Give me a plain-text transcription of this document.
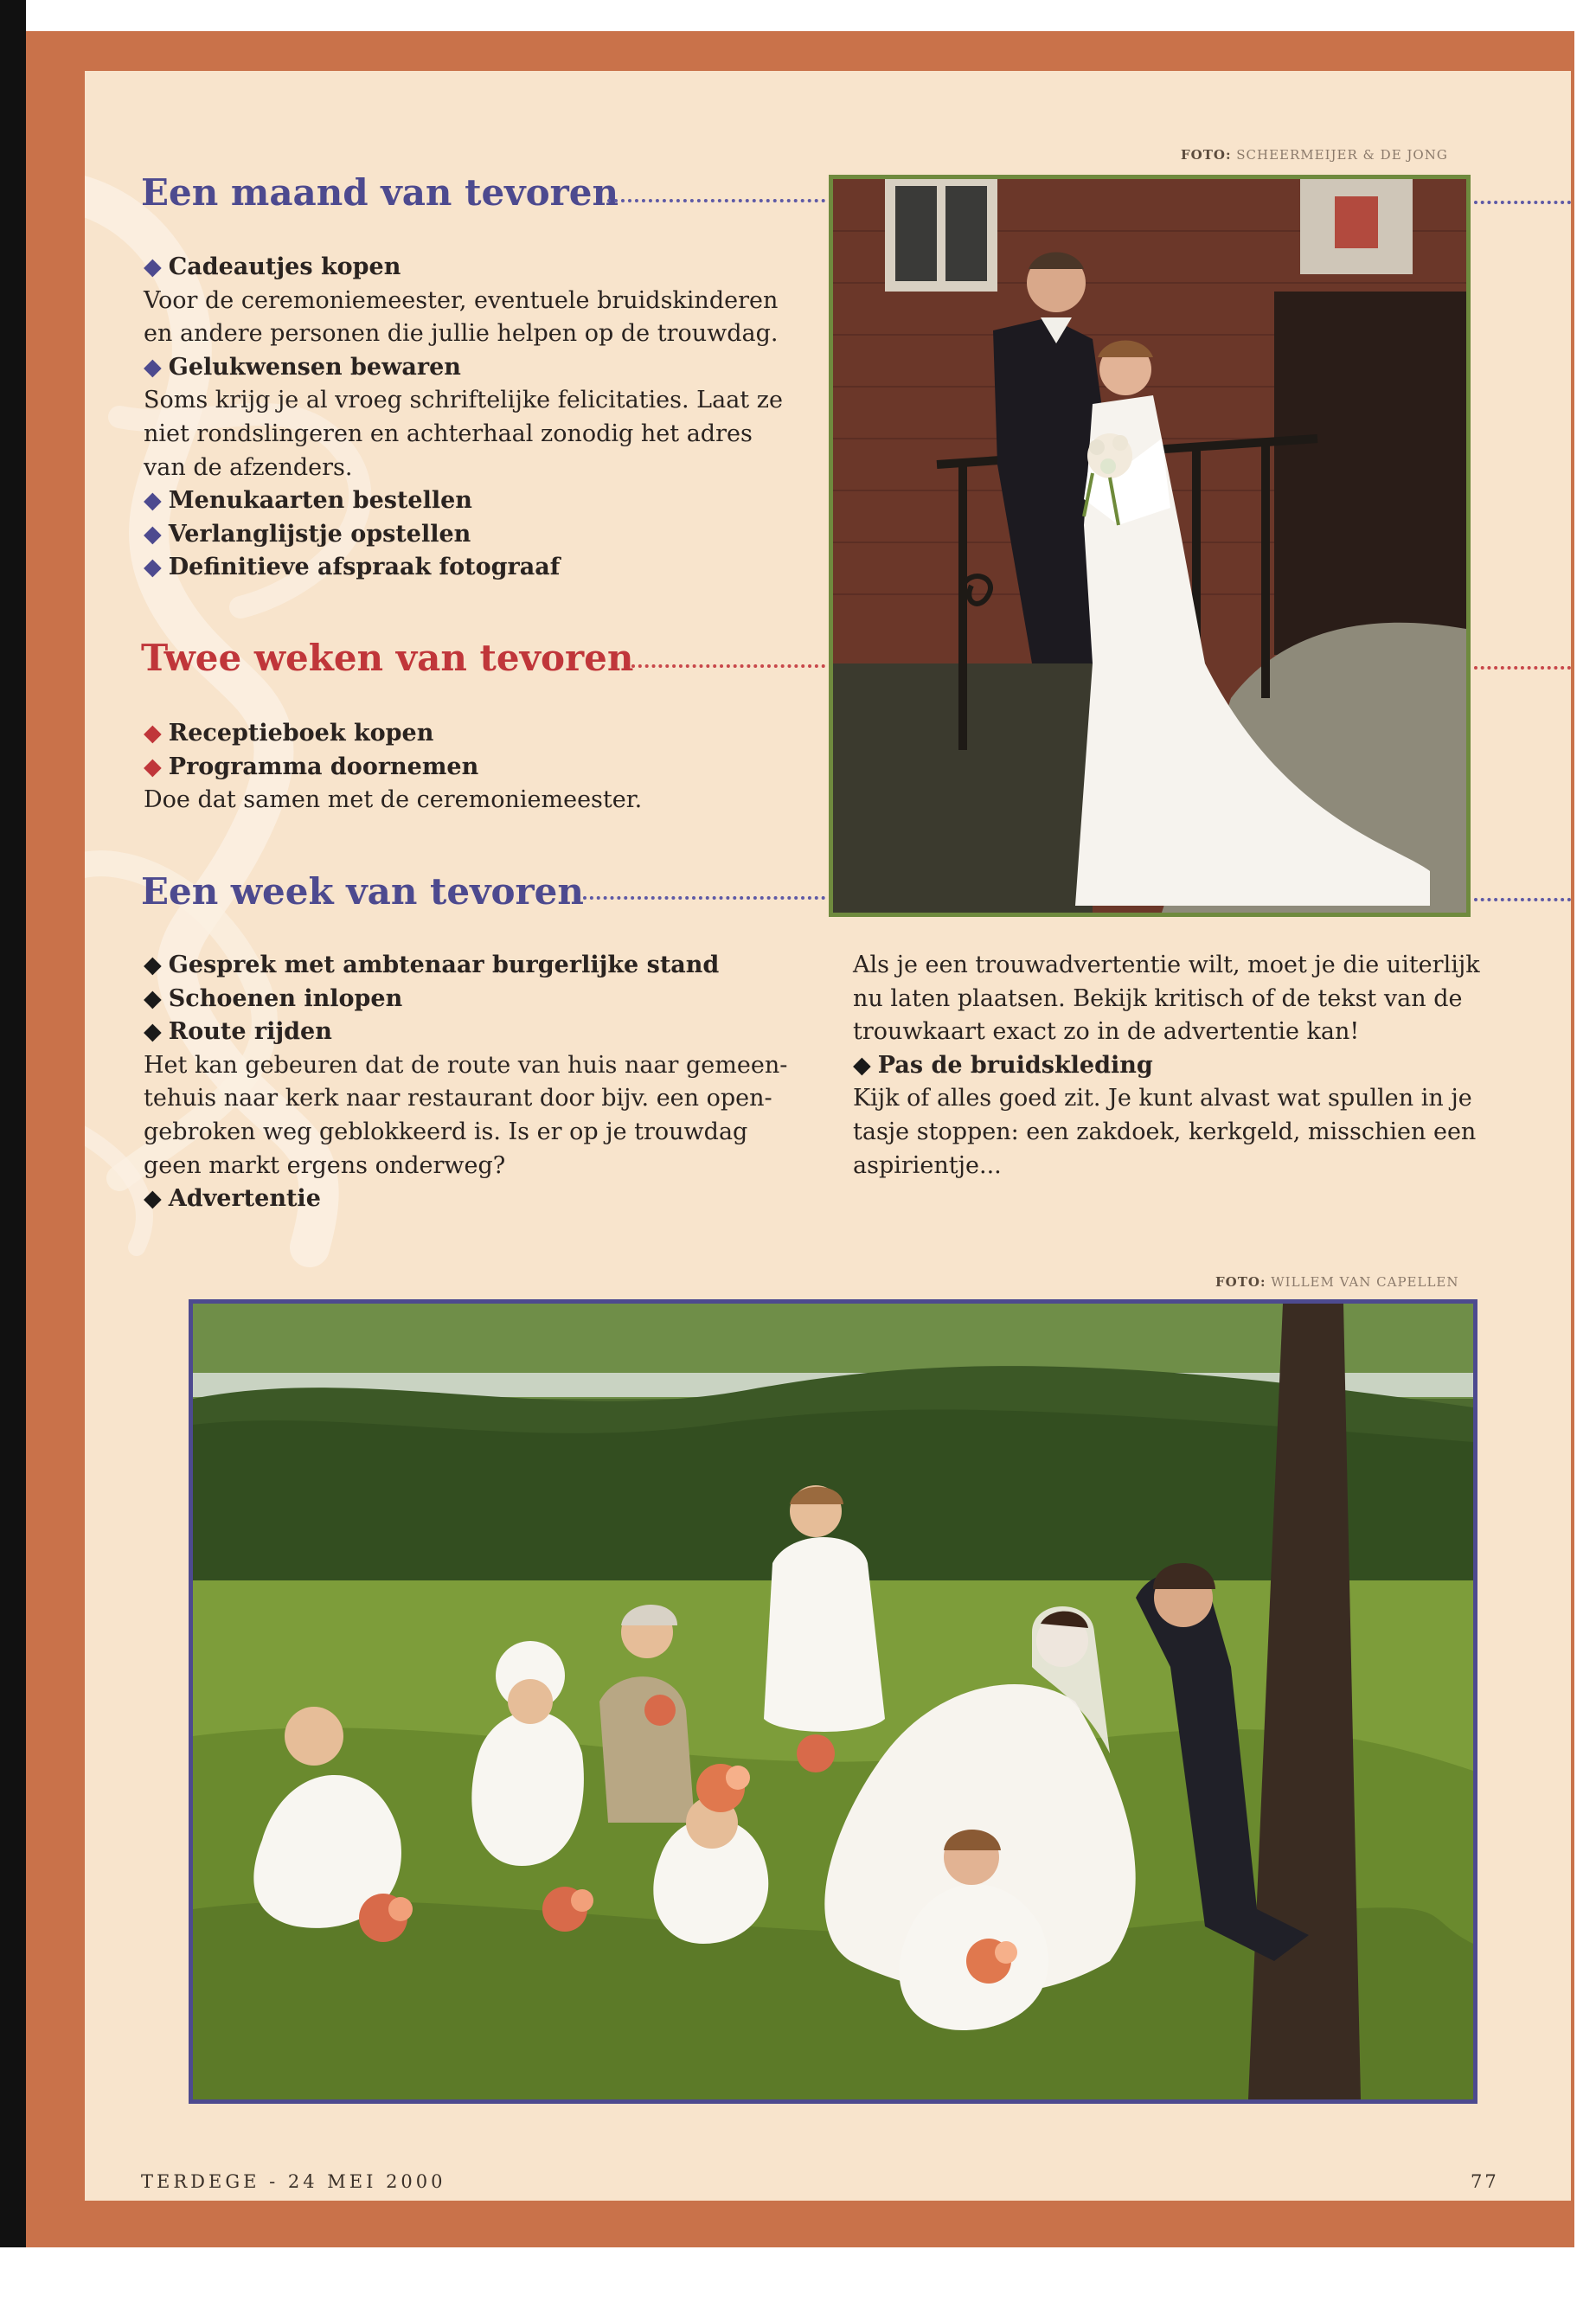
FOTO: SCHEERMEIJER & DE JONG
FOTO: WILLEM VAN CAPELLEN
Een maand van tevoren
◆ Cadeautjes kopen
Voor de ceremoniemeester, eventuele bruidskinderen
en andere personen die jullie helpen op de trouwdag.
◆ Gelukwensen bewaren
Soms krijg je al vroeg schriftelijke felicitaties. Laat ze
niet rondslingeren en achterhaal zonodig het adres
van de afzenders.
◆ Menukaarten bestellen
◆ Verlanglijstje opstellen
◆ Definitieve afspraak fotograaf
Twee weken van tevoren
◆ Receptieboek kopen
◆ Programma doornemen
Doe dat samen met de ceremoniemeester.
Een week van tevoren
◆ Gesprek met ambtenaar burgerlijke stand
◆ Schoenen inlopen
◆ Route rijden
Het kan gebeuren dat de route van huis naar gemeen-
tehuis naar kerk naar restaurant door bijv. een open-
gebroken weg geblokkeerd is. Is er op je trouwdag
geen markt ergens onderweg?
◆ Advertentie
Als je een trouwadvertentie wilt, moet je die uiterlijk
nu laten plaatsen. Bekijk kritisch of de tekst van de
trouwkaart exact zo in de advertentie kan!
◆ Pas de bruidskleding
Kijk of alles goed zit. Je kunt alvast wat spullen in je
tasje stoppen: een zakdoek, kerkgeld, misschien een
aspirientje...
TERDEGE - 24 MEI 2000	77
